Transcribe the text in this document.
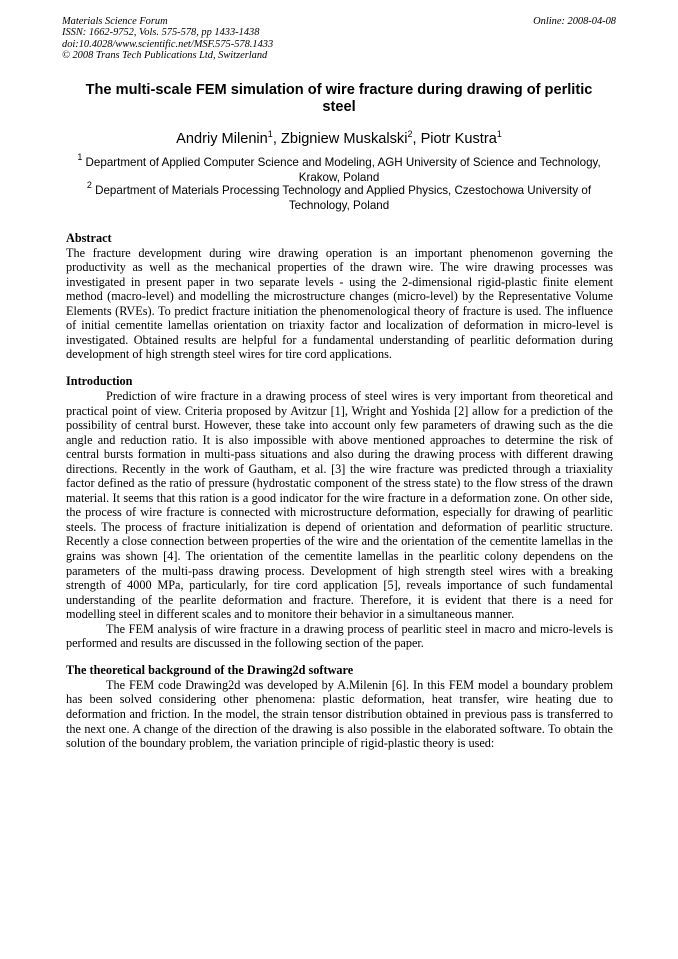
Materials Science Forum
ISSN: 1662-9752, Vols. 575-578, pp 1433-1438
doi:10.4028/www.scientific.net/MSF.575-578.1433
© 2008 Trans Tech Publications Ltd, Switzerland
Online: 2008-04-08
The multi-scale FEM simulation of wire fracture during drawing of perlitic steel
Andriy Milenin$^1$, Zbigniew Muskalski$^2$, Piotr Kustra$^1$

$^1$ Department of Applied Computer Science and Modeling, AGH University of Science and Technology, Krakow, Poland

$^2$ Department of Materials Processing Technology and Applied Physics, Czestochowa University of Technology, Poland

Abstract

The fracture development during wire drawing operation is an important phenomenon governing the productivity as well as the mechanical properties of the drawn wire. The wire drawing processes was investigated in present paper in two separate levels - using the 2-dimensional rigid-plastic finite element method (macro-level) and modelling the microstructure changes (micro-level) by the Representative Volume Elements (RVEs). To predict fracture initiation the phenomenological theory of fracture is used. The influence of initial cementite lamellas orientation on triaxity factor and localization of deformation in micro-level is investigated. Obtained results are helpful for a fundamental understanding of pearlitic deformation during development of high strength steel wires for tire cord applications.

Introduction

Prediction of wire fracture in a drawing process of steel wires is very important from theoretical and practical point of view. Criteria proposed by Avitzur [1], Wright and Yoshida [2] allow for a prediction of the possibility of central burst. However, these take into account only few parameters of drawing such as the die angle and reduction ratio. It is also impossible with above mentioned approaches to determine the risk of central bursts formation in multi-pass situations and also during the drawing process with different drawing directions. Recently in the work of Gautham, et al. [3] the wire fracture was predicted through a triaxiality factor defined as the ratio of pressure (hydrostatic component of the stress state) to the flow stress of the drawn material. It seems that this ration is a good indicator for the wire fracture in a deformation zone. On other side, the process of wire fracture is connected with microstructure deformation, especially for drawing of pearlitic steels. The process of fracture initialization is depend of orientation and deformation of pearlitic structure. Recently a close connection between properties of the wire and the orientation of the cementite lamellas in the grains was shown [4]. The orientation of the cementite lamellas in the pearlitic colony dependens on the parameters of the multi-pass drawing process. Development of high strength steel wires with a breaking strength of 4000 MPa, particularly, for tire cord application [5], reveals importance of such fundamental understanding of the pearlite deformation and fracture. Therefore, it is evident that there is a need for modelling steel in different scales and to monitore their behavior in a simultaneous manner.

The FEM analysis of wire fracture in a drawing process of pearlitic steel in macro and micro-levels is performed and results are discussed in the following section of the paper.

The theoretical background of the Drawing2d software

The FEM code Drawing2d was developed by A.Milenin [6]. In this FEM model a boundary problem has been solved considering other phenomena: plastic deformation, heat transfer, wire heating due to deformation and friction. In the model, the strain tensor distribution obtained in previous pass is transferred to the next one. A change of the direction of the drawing is also possible in the elaborated software. To obtain the solution of the boundary problem, the variation principle of rigid-plastic theory is used:
